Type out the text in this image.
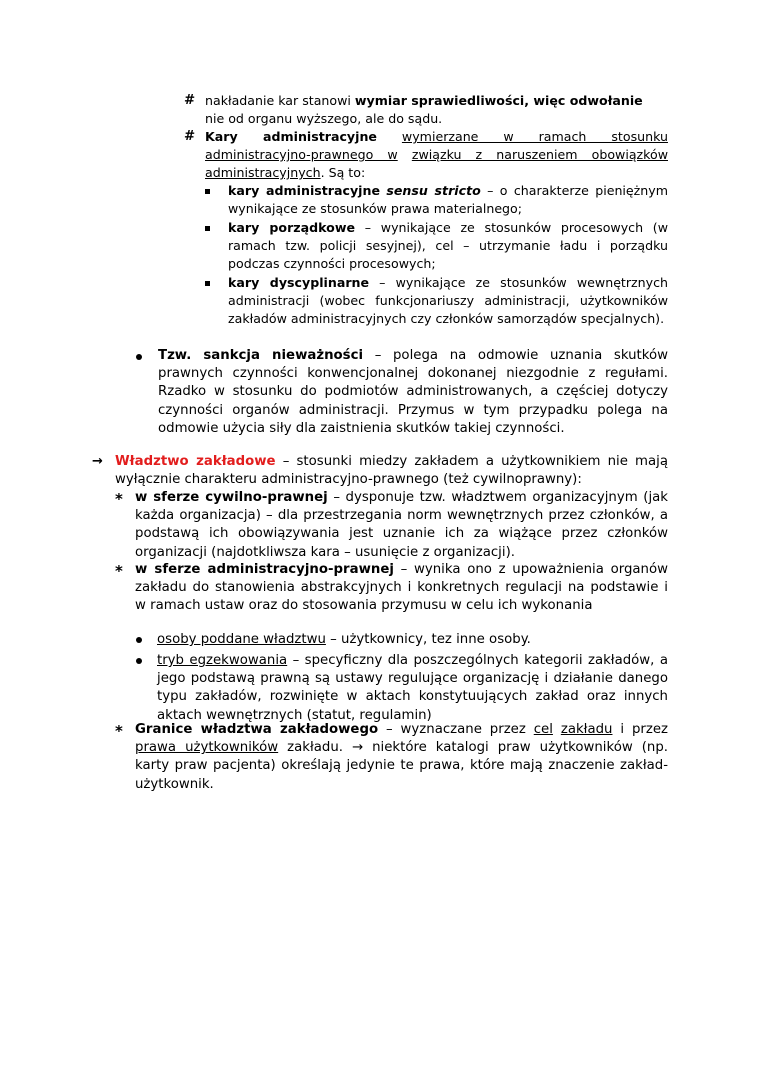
# nakładanie kar stanowi wymiar sprawiedliwości, więc odwołanie
nie od organu wyższego, ale do sądu.
# Kary administracyjne wymierzane w ramach stosunku administracyjno-prawnego w związku z naruszeniem obowiązków administracyjnych. Są to:
kary administracyjne sensu stricto – o charakterze pieniężnym wynikające ze stosunków prawa materialnego;
kary porządkowe – wynikające ze stosunków procesowych (w ramach tzw. policji sesyjnej), cel – utrzymanie ładu i porządku podczas czynności procesowych;
kary dyscyplinarne – wynikające ze stosunków wewnętrznych administracji (wobec funkcjonariuszy administracji, użytkowników zakładów administracyjnych czy członków samorządów specjalnych).
Tzw. sankcja nieważności – polega na odmowie uznania skutków prawnych czynności konwencjonalnej dokonanej niezgodnie z regułami. Rzadko w stosunku do podmiotów administrowanych, a częściej dotyczy czynności organów administracji. Przymus w tym przypadku polega na odmowie użycia siły dla zaistnienia skutków takiej czynności.
→ Władztwo zakładowe – stosunki miedzy zakładem a użytkownikiem nie mają wyłącznie charakteru administracyjno-prawnego (też cywilnoprawny):
* w sferze cywilno-prawnej – dysponuje tzw. władztwem organizacyjnym (jak każda organizacja) – dla przestrzegania norm wewnętrznych przez członków, a podstawą ich obowiązywania jest uznanie ich za wiążące przez członków organizacji (najdotkliwsza kara – usunięcie z organizacji).
* w sferze administracyjno-prawnej – wynika ono z upoważnienia organów zakładu do stanowienia abstrakcyjnych i konkretnych regulacji na podstawie i w ramach ustaw oraz do stosowania przymusu w celu ich wykonania
osoby poddane władztwu – użytkownicy, tez inne osoby.
tryb egzekwowania – specyficzny dla poszczególnych kategorii zakładów, a jego podstawą prawną są ustawy regulujące organizację i działanie danego typu zakładów, rozwinięte w aktach konstytuujących zakład oraz innych aktach wewnętrznych (statut, regulamin)
* Granice władztwa zakładowego – wyznaczane przez cel zakładu i przez prawa użytkowników zakładu. → niektóre katalogi praw użytkowników (np. karty praw pacjenta) określają jedynie te prawa, które mają znaczenie zakład-użytkownik.
